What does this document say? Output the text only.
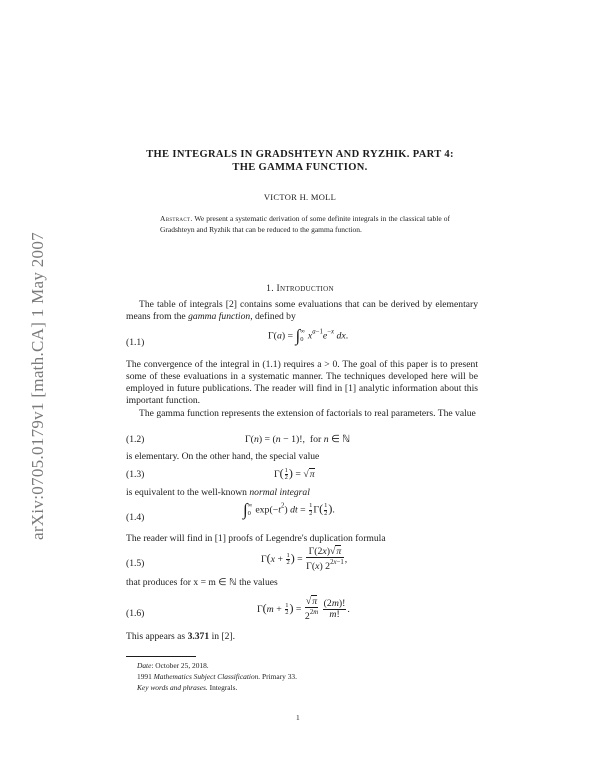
arXiv:0705.0179v1 [math.CA] 1 May 2007
THE INTEGRALS IN GRADSHTEYN AND RYZHIK. PART 4:
THE GAMMA FUNCTION.
VICTOR H. MOLL
Abstract. We present a systematic derivation of some definite integrals in the classical table of Gradshteyn and Ryzhik that can be reduced to the gamma function.
1. Introduction
The table of integrals [2] contains some evaluations that can be derived by elementary means from the gamma function, defined by
(1.1)
Γ(a) = ∫ ∞
0 $x^{a-1}e^{-x}$ dx.
The convergence of the integral in (1.1) requires a > 0. The goal of this paper is to present some of these evaluations in a systematic manner. The techniques developed here will be employed in future publications. The reader will find in [1] analytic information about this important function.
The gamma function represents the extension of factorials to real parameters. The value
(1.2)	Γ(n) = (n − 1)!,  for n ∈ ℕ
is elementary. On the other hand, the special value
(1.3)	$\Gamma( \frac{1}{2}$ ) = √π
is equivalent to the well-known normal integral
(1.4)	∫ ∞
0 $\exp(-t^2)$ dt = $\frac{1}{2} \Gamma( \frac{1}{2}$ ).
The reader will find in [1] proofs of Legendre's duplication formula
(1.5)	$\Gamma(x + \frac{1}{2}$ ) = $\frac{\Gamma(2x)√\pi}{\Gamma(x) 2^{2x-1}}$ ,
that produces for x = m ∈ ℕ the values
(1.6)	$\Gamma(m + \frac{1}{2}$ ) = $\frac{√\pi}{2^{2m}}$
$\frac{(2m)!}{m!}$ .
This appears as 3.371 in [2].
Date: October 25, 2018.
1991 Mathematics Subject Classification. Primary 33.
Key words and phrases. Integrals.
1
